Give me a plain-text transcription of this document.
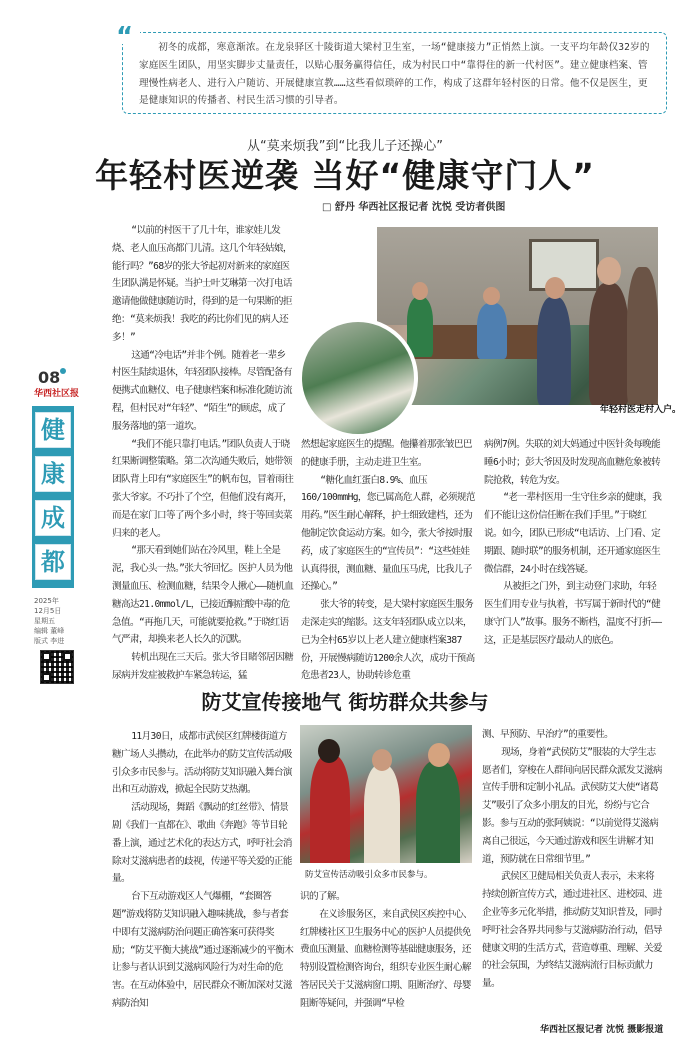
初冬的成都，寒意渐浓。在龙泉驿区十陵街道大梁村卫生室，一场“健康接力”正悄然上演。一支平均年龄仅32岁的家庭医生团队，用坚实脚步丈量责任，以贴心服务赢得信任，成为村民口中“靠得住的新一代村医”。建立健康档案、管理慢性病老人、进行入户随访、开展健康宣教……这些看似琐碎的工作，构成了这群年轻村医的日常。他不仅是医生，更是健康知识的传播者、村民生活习惯的引导者。

“
从“莫来烦我”到“比我儿子还操心”
年轻村医逆袭 当好“健康守门人”
□ 舒丹 华西社区报记者 沈悦 受访者供图
08
华西社区报
健
康
成
都
2025年
12月5日
星期五
编辑 董峰
版式 李进

“以前的村医干了几十年，谁家娃儿发烧、老人血压高都门儿清。这几个年轻姑娘，能行吗？”68岁的张大爷起初对新来的家庭医生团队满是怀疑。当护士叶艾琳第一次打电话邀请他做健康随访时，得到的是一句果断的拒绝：“莫来烦我！我吃的药比你们见的病人还多！”

这通“冷电话”并非个例。随着老一辈乡村医生陆续退休，年轻团队接棒。尽管配备有便携式血糖仪、电子健康档案和标准化随访流程，但村民对“年轻”、“陌生”的顾虑，成了服务落地的第一道坎。

“我们不能只靠打电话。”团队负责人于晓红果断调整策略。第二次沟通失败后，她带领团队背上印有“家庭医生”的帆布包，冒着雨往张大爷家。不巧扑了个空，但他们没有离开，而是在家门口等了两个多小时，终于等回卖菜归来的老人。

“那天看到她们站在冷风里，鞋上全是泥，我心头一热。”张大爷回忆。医护人员为他测量血压、检测血糖，结果令人揪心——随机血糖高达21.0mmol/L，已接近酮症酸中毒的危急值。“再拖几天，可能就要抢救。”于晓红语气严肃，却换来老人长久的沉默。

转机出现在三天后。张大爷目睹邻居因糖尿病并发症被救护车紧急转运，猛

然想起家庭医生的提醒。他攥着那张皱巴巴的健康手册，主动走进卫生室。

“糖化血红蛋白8.9%、血压160/100mmHg，您已属高危人群，必须规范用药。”医生耐心解释，护士细致建档，还为他制定饮食运动方案。如今，张大爷按时服药，成了家庭医生的“宣传员”：“这些娃娃认真得很，测血糖、量血压马虎，比我儿子还操心。”

张大爷的转变，是大梁村家庭医生服务走深走实的缩影。这支年轻团队成立以来，已为全村65岁以上老人建立健康档案387份，开展慢病随访1200余人次，成功干预高危患者23人，协助转诊危重

病例7例。失联的刘大妈通过中医针灸每晚能睡6小时；彭大爷因及时发现高血糖危象被转院抢救，转危为安。

“老一辈村医用一生守住乡亲的健康，我们不能让这份信任断在我们手里。”于晓红说。如今，团队已形成“电话访、上门看、定期跟、随时联”的服务机制，还开通家庭医生微信群，24小时在线答疑。

从被拒之门外，到主动登门求助，年轻医生们用专业与执着，书写属于新时代的“健康守门人”故事。服务不断档，温度不打折——这，正是基层医疗最动人的底色。

年轻村医走村入户。
防艾宣传接地气 街坊群众共参与

11月30日，成都市武侯区红牌楼街道方糖广场人头攒动，在此举办的防艾宣传活动吸引众多市民参与。活动将防艾知识融入舞台演出和互动游戏，掀起全民防艾热潮。

活动现场，舞蹈《飘动的红丝带》、情景剧《我们一直都在》、歌曲《奔跑》等节目轮番上演，通过艺术化的表达方式，呼吁社会消除对艾滋病患者的歧视，传递平等关爱的正能量。

台下互动游戏区人气爆棚，“套圈答题”游戏将防艾知识融入趣味挑战，参与者套中即有艾滋病防治问题正确答案可获得奖励；“防艾平衡大挑战”通过逐渐减少的平衡木让参与者认识到艾滋病风险行为对生命的危害。在互动体验中，居民群众不断加深对艾滋病防治知

防艾宣传活动吸引众多市民参与。

识的了解。

在义诊服务区，来自武侯区疾控中心、红牌楼社区卫生服务中心的医护人员提供免费血压测量、血糖检测等基础健康服务，还特别设置检测咨询台，组织专业医生耐心解答居民关于艾滋病窗口期、阻断治疗、母婴阻断等疑问，并强调“早检

测、早预防、早治疗”的重要性。

现场，身着“武侯防艾”服装的大学生志愿者们，穿梭在人群间向居民群众派发艾滋病宣传手册和定制小礼品。武侯防艾大使“诸葛艾”吸引了众多小朋友的目光，纷纷与它合影。参与互动的张阿姨说：“以前觉得艾滋病离自己很远，今天通过游戏和医生讲解才知道，预防就在日常细节里。”

武侯区卫健局相关负责人表示，未来将持续创新宣传方式，通过进社区、进校园、进企业等多元化举措，推动防艾知识普及，同时呼吁社会各界共同参与艾滋病防治行动，倡导健康文明的生活方式，营造尊重、理解、关爱的社会氛围，为终结艾滋病流行目标贡献力量。

华西社区报记者 沈悦 摄影报道
